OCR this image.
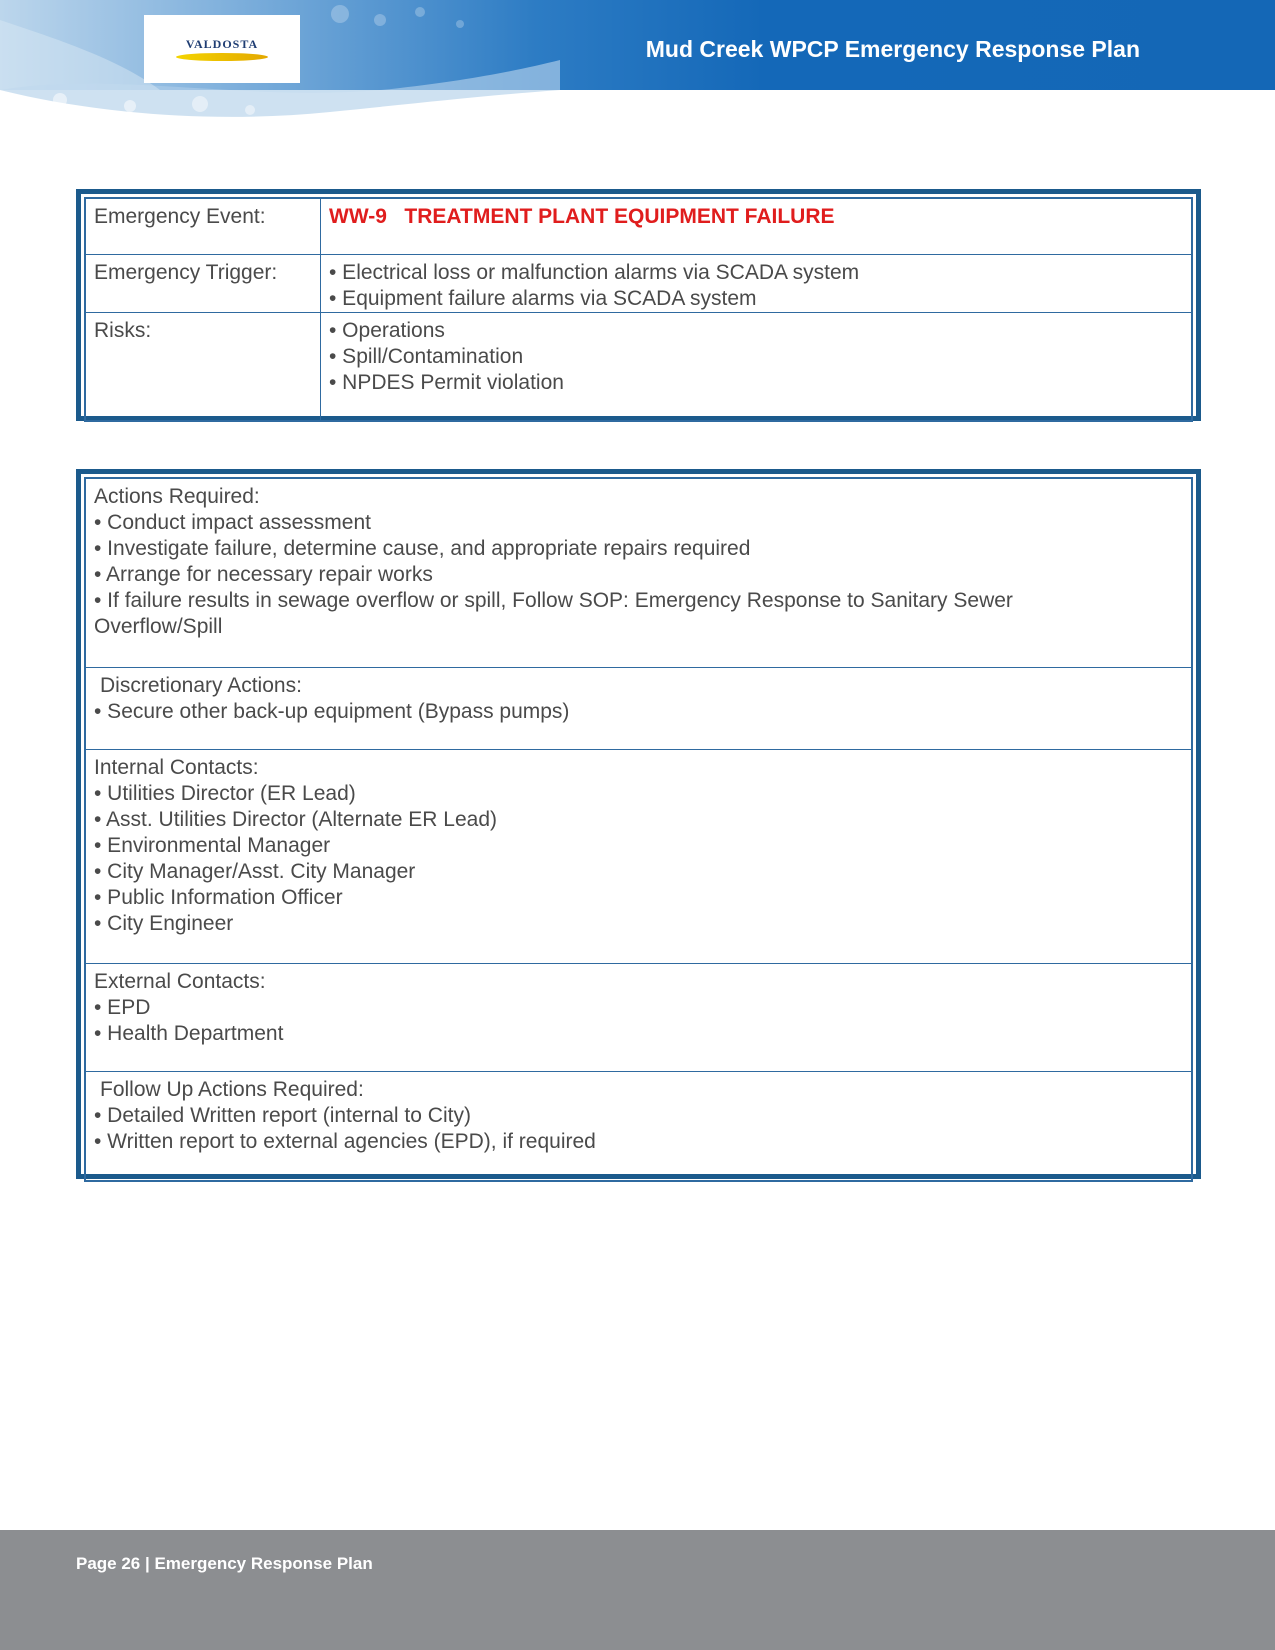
VALDOSTA	Mud Creek WPCP Emergency Response Plan
Emergency Event:	WW-9   TREATMENT PLANT EQUIPMENT FAILURE
Emergency Trigger:	• Electrical loss or malfunction alarms via SCADA system
• Equipment failure alarms via SCADA system

Risks:	• Operations
• Spill/Contamination
• NPDES Permit violation
Actions Required:
• Conduct impact assessment
• Investigate failure, determine cause, and appropriate repairs required
• Arrange for necessary repair works
• If failure results in sewage overflow or spill, Follow SOP: Emergency Response to Sanitary Sewer Overflow/Spill

Discretionary Actions:
• Secure other back-up equipment (Bypass pumps)

Internal Contacts:
• Utilities Director (ER Lead)
• Asst. Utilities Director (Alternate ER Lead)
• Environmental Manager
• City Manager/Asst. City Manager
• Public Information Officer
• City Engineer

External Contacts:
• EPD
• Health Department

Follow Up Actions Required:
• Detailed Written report (internal to City)
• Written report to external agencies (EPD), if required
Page 26 | Emergency Response Plan
